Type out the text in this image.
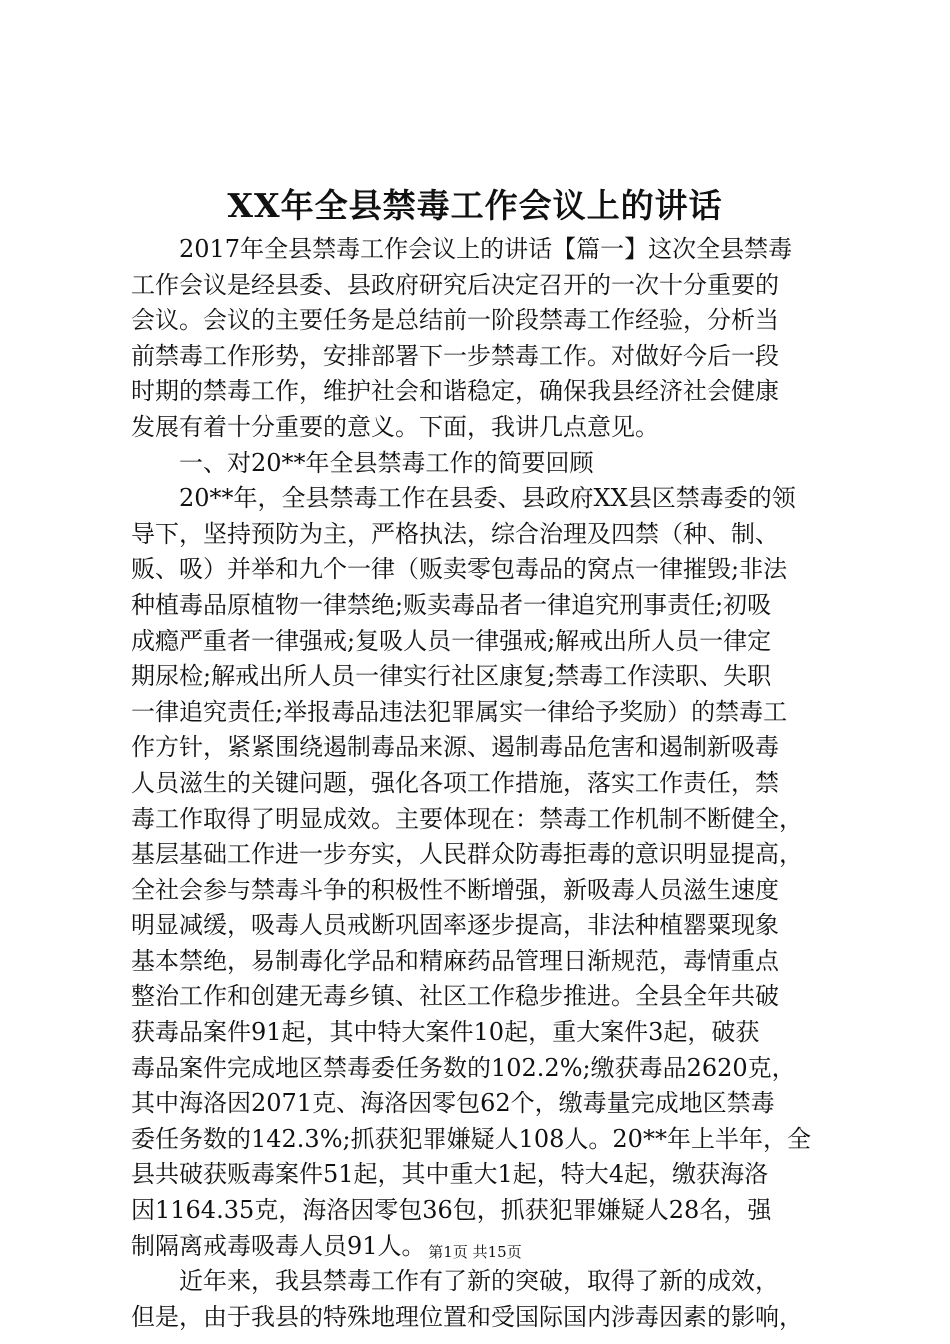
XX年全县禁毒工作会议上的讲话
　　2017年全县禁毒工作会议上的讲话【篇一】这次全县禁毒
工作会议是经县委、县政府研究后决定召开的一次十分重要的
会议。会议的主要任务是总结前一阶段禁毒工作经验，分析当
前禁毒工作形势，安排部署下一步禁毒工作。对做好今后一段
时期的禁毒工作，维护社会和谐稳定，确保我县经济社会健康
发展有着十分重要的意义。下面，我讲几点意见。
　　一、对20**年全县禁毒工作的简要回顾
　　20**年，全县禁毒工作在县委、县政府XX县区禁毒委的领
导下，坚持预防为主，严格执法，综合治理及四禁（种、制、
贩、吸）并举和九个一律（贩卖零包毒品的窝点一律摧毁;非法
种植毒品原植物一律禁绝;贩卖毒品者一律追究刑事责任;初吸
成瘾严重者一律强戒;复吸人员一律强戒;解戒出所人员一律定
期尿检;解戒出所人员一律实行社区康复;禁毒工作渎职、失职
一律追究责任;举报毒品违法犯罪属实一律给予奖励）的禁毒工
作方针，紧紧围绕遏制毒品来源、遏制毒品危害和遏制新吸毒
人员滋生的关键问题，强化各项工作措施，落实工作责任，禁
毒工作取得了明显成效。主要体现在：禁毒工作机制不断健全，
基层基础工作进一步夯实，人民群众防毒拒毒的意识明显提高，
全社会参与禁毒斗争的积极性不断增强，新吸毒人员滋生速度
明显减缓，吸毒人员戒断巩固率逐步提高，非法种植罂粟现象
基本禁绝，易制毒化学品和精麻药品管理日渐规范，毒情重点
整治工作和创建无毒乡镇、社区工作稳步推进。全县全年共破
获毒品案件91起，其中特大案件10起，重大案件3起，破获
毒品案件完成地区禁毒委任务数的102.2%;缴获毒品2620克，
其中海洛因2071克、海洛因零包62个，缴毒量完成地区禁毒
委任务数的142.3%;抓获犯罪嫌疑人108人。20**年上半年，全
县共破获贩毒案件51起，其中重大1起，特大4起，缴获海洛
因1164.35克，海洛因零包36包，抓获犯罪嫌疑人28名，强
制隔离戒毒吸毒人员91人。
　　近年来，我县禁毒工作有了新的突破，取得了新的成效，
但是，由于我县的特殊地理位置和受国际国内涉毒因素的影响，
第1页 共15页
